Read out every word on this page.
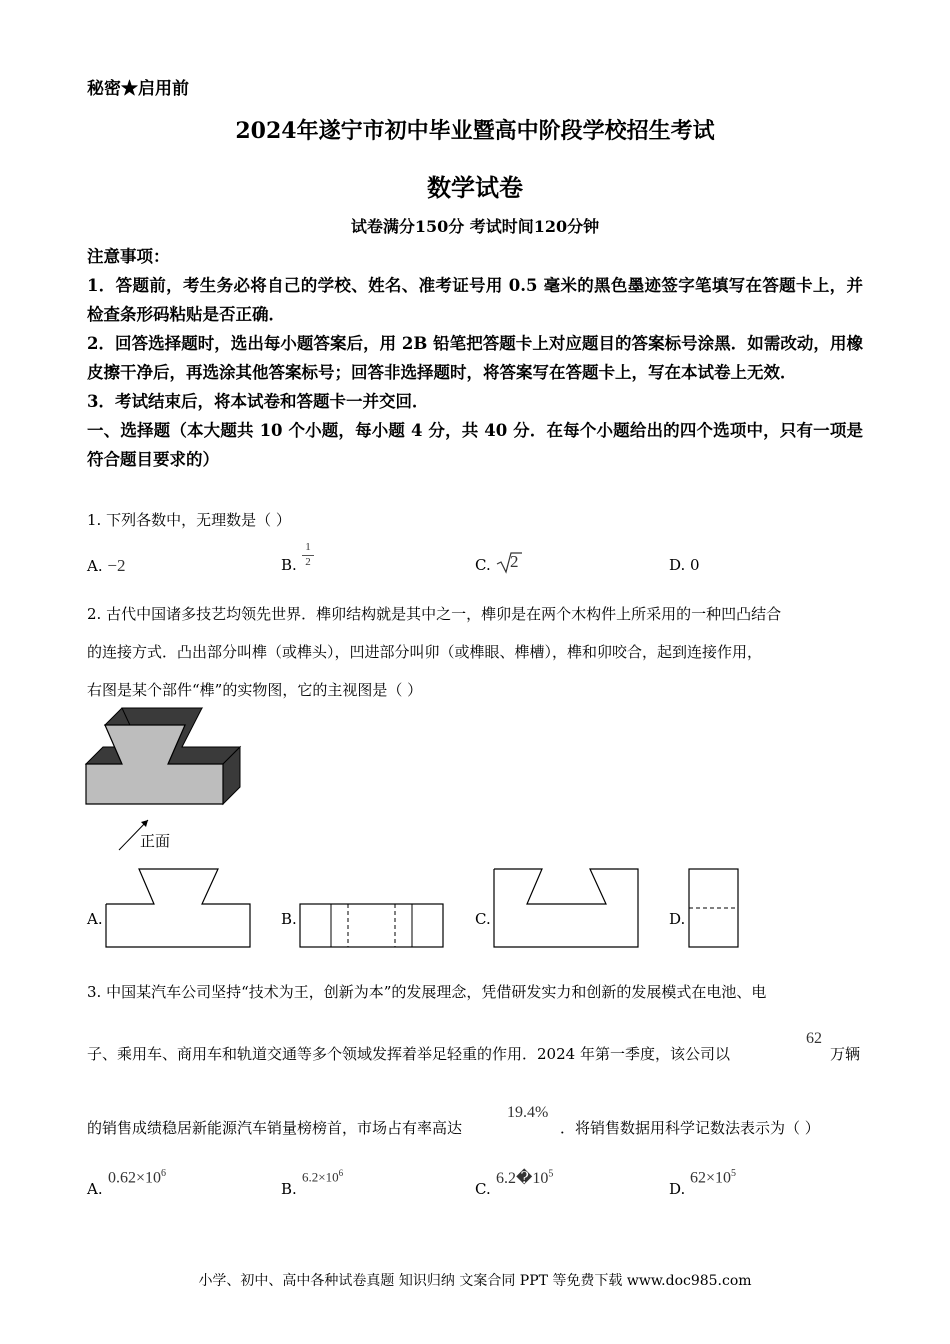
秘密★启用前
2024年遂宁市初中毕业暨高中阶段学校招生考试
数学试卷
试卷满分150分 考试时间120分钟

注意事项：

1．答题前，考生务必将自己的学校、姓名、准考证号用 0.5 毫米的黑色墨迹签字笔填写在答题卡上，并检查条形码粘贴是否正确．

2．回答选择题时，选出每小题答案后，用 2B 铅笔把答题卡上对应题目的答案标号涂黑．如需改动，用橡皮擦干净后，再选涂其他答案标号；回答非选择题时，将答案写在答题卡上，写在本试卷上无效．

3．考试结束后，将本试卷和答题卡一并交回．

一、选择题（本大题共 10 个小题，每小题 4 分，共 40 分．在每个小题给出的四个选项中，只有一项是符合题目要求的）

1. 下列各数中，无理数是（ ）
A. −2	B. $\frac{1}{2}$	C. 2	D. 0
2. 古代中国诸多技艺均领先世界．榫卯结构就是其中之一，榫卯是在两个木构件上所采用的一种凹凸结合
的连接方式．凸出部分叫榫（或榫头），凹进部分叫卯（或榫眼、榫槽），榫和卯咬合，起到连接作用，
右图是某个部件“榫”的实物图，它的主视图是（ ）
正面
A.	B.	C.	D.
3. 中国某汽车公司坚持“技术为王，创新为本”的发展理念，凭借研发实力和创新的发展模式在电池、电
子、乘用车、商用车和轨道交通等多个领域发挥着举足轻重的作用．2024 年第一季度，该公司以
62
万辆
的销售成绩稳居新能源汽车销量榜榜首，市场占有率高达
19.4%
．将销售数据用科学记数法表示为（ ）
A.
$0.62\times 10^6$
B.
$6.2\times 10^6$
C.
$6.2�10^5$
D.
$62\times 10^5$
小学、初中、高中各种试卷真题 知识归纳 文案合同 PPT 等免费下载 www.doc985.com
